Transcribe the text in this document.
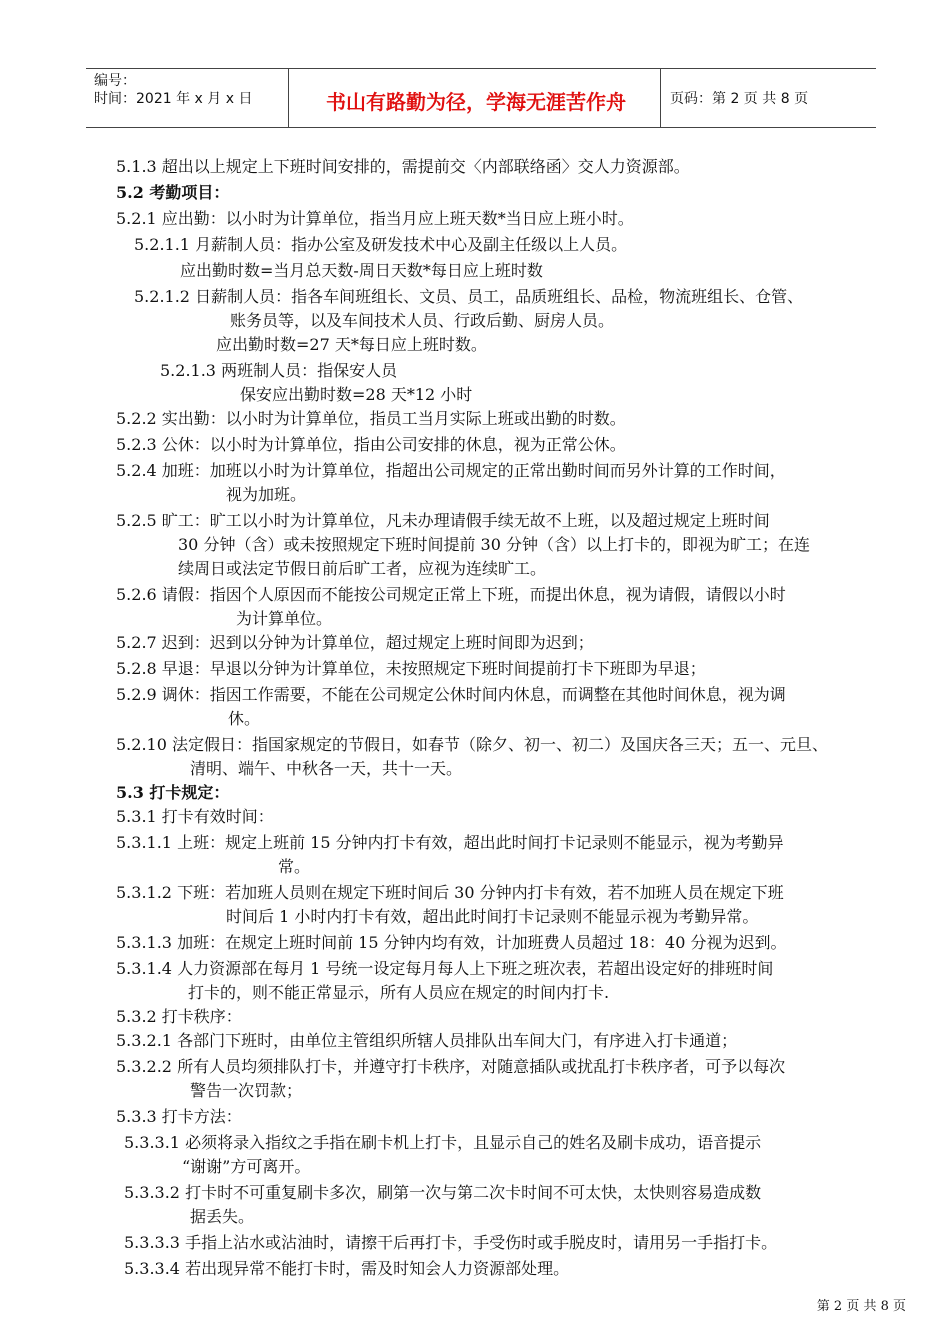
编号：
时间：2021 年 x 月 x 日	书山有路勤为径，学海无涯苦作舟	页码：第 2 页 共 8 页
5.1.3 超出以上规定上下班时间安排的，需提前交〈内部联络函〉交人力资源部。
5.2 考勤项目：
5.2.1 应出勤：以小时为计算单位，指当月应上班天数*当日应上班小时。
5.2.1.1 月薪制人员：指办公室及研发技术中心及副主任级以上人员。
应出勤时数=当月总天数-周日天数*每日应上班时数
5.2.1.2 日薪制人员：指各车间班组长、文员、员工，品质班组长、品检，物流班组长、仓管、
账务员等，以及车间技术人员、行政后勤、厨房人员。
应出勤时数=27 天*每日应上班时数。
5.2.1.3 两班制人员：指保安人员
保安应出勤时数=28 天*12 小时
5.2.2 实出勤：以小时为计算单位，指员工当月实际上班或出勤的时数。
5.2.3 公休：以小时为计算单位，指由公司安排的休息，视为正常公休。
5.2.4 加班：加班以小时为计算单位，指超出公司规定的正常出勤时间而另外计算的工作时间，
视为加班。
5.2.5 旷工：旷工以小时为计算单位，凡未办理请假手续无故不上班，以及超过规定上班时间
30 分钟（含）或未按照规定下班时间提前 30 分钟（含）以上打卡的，即视为旷工；在连
续周日或法定节假日前后旷工者，应视为连续旷工。
5.2.6 请假：指因个人原因而不能按公司规定正常上下班，而提出休息，视为请假，请假以小时
为计算单位。
5.2.7 迟到：迟到以分钟为计算单位，超过规定上班时间即为迟到；
5.2.8 早退：早退以分钟为计算单位，未按照规定下班时间提前打卡下班即为早退；
5.2.9 调休：指因工作需要，不能在公司规定公休时间内休息，而调整在其他时间休息，视为调
休。
5.2.10 法定假日：指国家规定的节假日，如春节（除夕、初一、初二）及国庆各三天；五一、元旦、
清明、端午、中秋各一天，共十一天。
5.3 打卡规定：
5.3.1 打卡有效时间：
5.3.1.1 上班：规定上班前 15 分钟内打卡有效，超出此时间打卡记录则不能显示，视为考勤异
常。
5.3.1.2 下班：若加班人员则在规定下班时间后 30 分钟内打卡有效，若不加班人员在规定下班
时间后 1 小时内打卡有效，超出此时间打卡记录则不能显示视为考勤异常。
5.3.1.3 加班：在规定上班时间前 15 分钟内均有效，计加班费人员超过 18：40 分视为迟到。
5.3.1.4 人力资源部在每月 1 号统一设定每月每人上下班之班次表，若超出设定好的排班时间
打卡的，则不能正常显示，所有人员应在规定的时间内打卡.
5.3.2 打卡秩序：
5.3.2.1 各部门下班时，由单位主管组织所辖人员排队出车间大门，有序进入打卡通道；
5.3.2.2 所有人员均须排队打卡，并遵守打卡秩序，对随意插队或扰乱打卡秩序者，可予以每次
警告一次罚款；
5.3.3 打卡方法：
5.3.3.1 必须将录入指纹之手指在刷卡机上打卡，且显示自己的姓名及刷卡成功，语音提示
“谢谢”方可离开。
5.3.3.2 打卡时不可重复刷卡多次，刷第一次与第二次卡时间不可太快，太快则容易造成数
据丢失。
5.3.3.3 手指上沾水或沾油时，请擦干后再打卡，手受伤时或手脱皮时，请用另一手指打卡。
5.3.3.4 若出现异常不能打卡时，需及时知会人力资源部处理。
第 2 页 共 8 页
